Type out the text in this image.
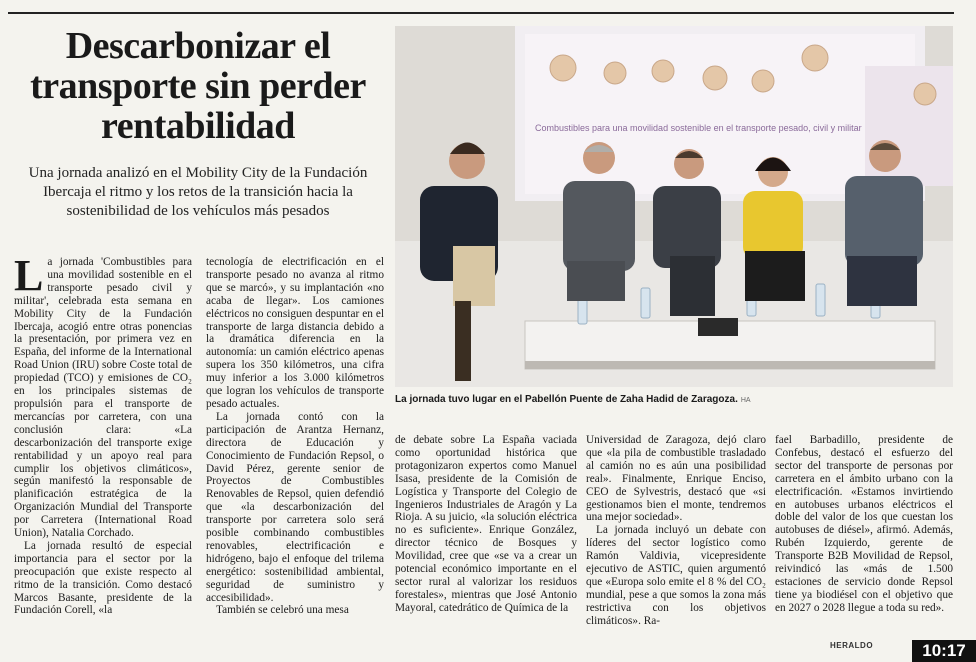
Descarbonizar el transporte sin perder rentabilidad

Una jornada analizó en el Mobility City de la Fundación Ibercaja el ritmo y los retos de la transición hacia la sostenibilidad de los vehículos más pesados

Combustibles para una movilidad sostenible en el transporte pesado, civil y militar
La jornada tuvo lugar en el Pabellón Puente de Zaha Hadid de Zaragoza. HA

La jornada 'Combustibles para una movilidad sostenible en el transporte pesado civil y militar', celebrada esta semana en Mobility City de la Fundación Ibercaja, acogió entre otras ponencias la presentación, por primera vez en España, del informe de la International Road Union (IRU) sobre Coste total de propiedad (TCO) y emisiones de CO₂ en los principales sistemas de propulsión para el transporte de mercancías por carretera, con una conclusión clara: «La descarbonización del transporte exige rentabilidad y un apoyo real para cumplir los objetivos climáticos», según manifestó la responsable de planificación estratégica de la Organización Mundial del Transporte por Carretera (International Road Union), Natalia Corchado.

La jornada resultó de especial importancia para el sector por la preocupación que existe respecto al ritmo de la transición. Como destacó Marcos Basante, presidente de la Fundación Corell, «la

tecnología de electrificación en el transporte pesado no avanza al ritmo que se marcó», y su implantación «no acaba de llegar». Los camiones eléctricos no consiguen despuntar en el transporte de larga distancia debido a la dramática diferencia en la autonomía: un camión eléctrico apenas supera los 350 kilómetros, una cifra muy inferior a los 3.000 kilómetros que logran los vehículos de transporte pesado actuales.

La jornada contó con la participación de Arantza Hernanz, directora de Educación y Conocimiento de Fundación Repsol, o David Pérez, gerente senior de Proyectos de Combustibles Renovables de Repsol, quien defendió que «la descarbonización del transporte por carretera solo será posible combinando combustibles renovables, electrificación e hidrógeno, bajo el enfoque del trilema energético: sostenibilidad ambiental, seguridad de suministro y accesibilidad».

También se celebró una mesa

de debate sobre La España vaciada como oportunidad histórica que protagonizaron expertos como Manuel Isasa, presidente de la Comisión de Logística y Transporte del Colegio de Ingenieros Industriales de Aragón y La Rioja. A su juicio, «la solución eléctrica no es suficiente». Enrique González, director técnico de Bosques y Movilidad, cree que «se va a crear un potencial económico importante en el sector rural al valorizar los residuos forestales», mientras que José Antonio Mayoral, catedrático de Química de la

Universidad de Zaragoza, dejó claro que «la pila de combustible trasladado al camión no es aún una posibilidad real». Finalmente, Enrique Enciso, CEO de Sylvestris, destacó que «si gestionamos bien el monte, tendremos una mejor sociedad».

La jornada incluyó un debate con líderes del sector logístico como Ramón Valdivia, vicepresidente ejecutivo de ASTIC, quien argumentó que «Europa solo emite el 8 % del CO₂ mundial, pese a que somos la zona más restrictiva con los objetivos climáticos». Ra-

fael Barbadillo, presidente de Confebus, destacó el esfuerzo del sector del transporte de personas por carretera en el ámbito urbano con la electrificación. «Estamos invirtiendo en autobuses urbanos eléctricos el doble del valor de los que cuestan los autobuses de diésel», afirmó. Además, Rubén Izquierdo, gerente de Transporte B2B Movilidad de Repsol, reivindicó las «más de 1.500 estaciones de servicio donde Repsol tiene ya biodiésel con el objetivo que en 2027 o 2028 llegue a toda su red».

HERALDO	10:17
